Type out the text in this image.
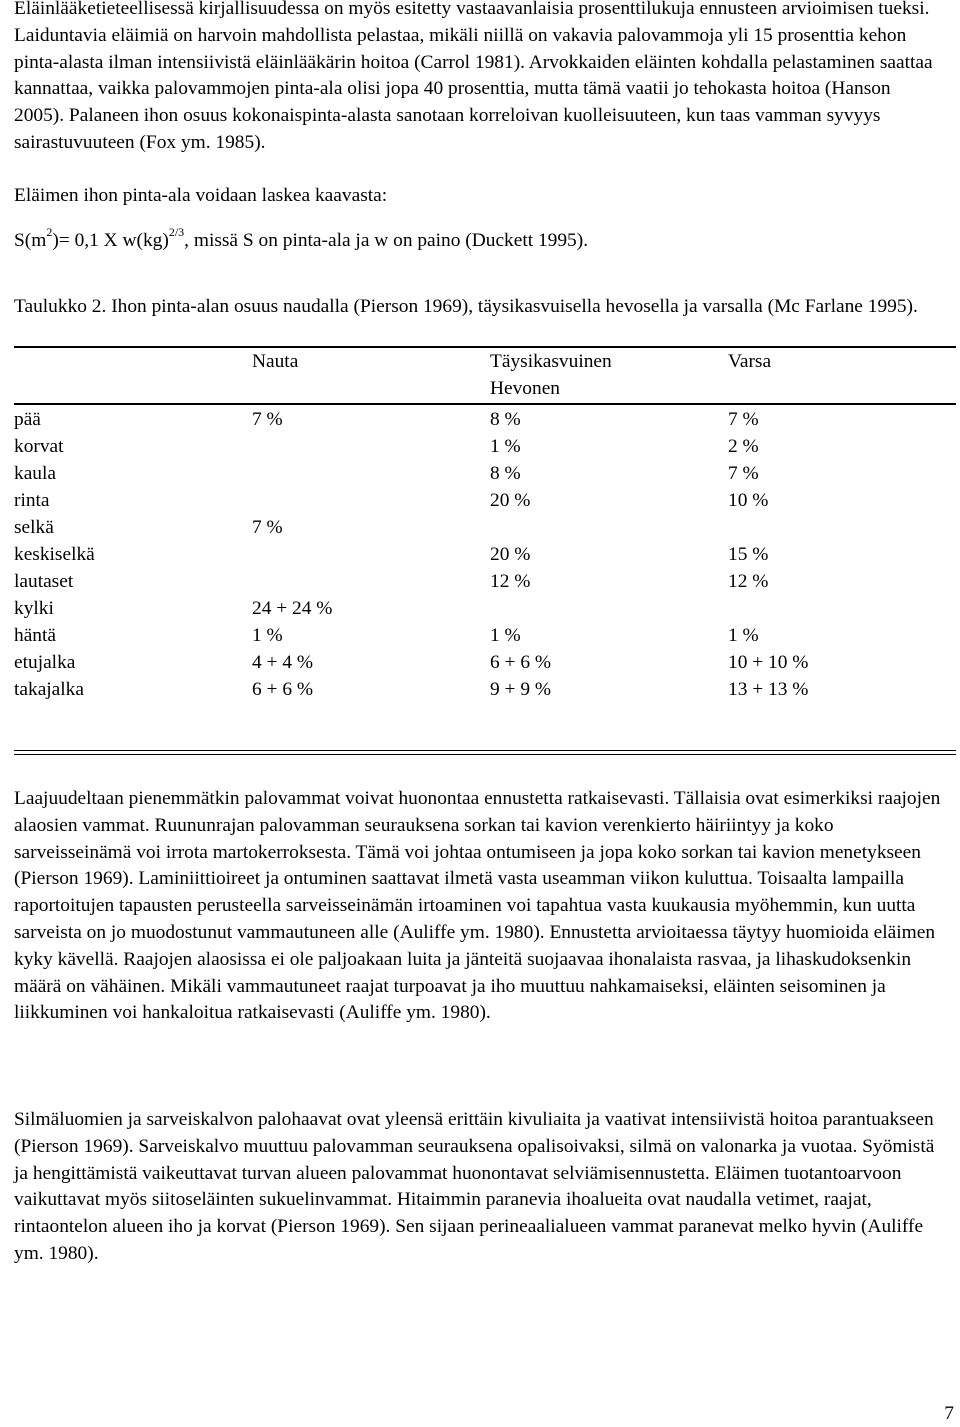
Eläinlääketieteellisessä kirjallisuudessa on myös esitetty vastaavanlaisia prosenttilukuja ennusteen arvioimisen tueksi. Laiduntavia eläimiä on harvoin mahdollista pelastaa, mikäli niillä on vakavia palovammoja yli 15 prosenttia kehon pinta-alasta ilman intensiivistä eläinlääkärin hoitoa (Carrol 1981). Arvokkaiden eläinten kohdalla pelastaminen saattaa kannattaa, vaikka palovammojen pinta-ala olisi jopa 40 prosenttia, mutta tämä vaatii jo tehokasta hoitoa (Hanson 2005). Palaneen ihon osuus kokonaispinta-alasta sanotaan korreloivan kuolleisuuteen, kun taas vamman syvyys sairastuvuuteen (Fox ym. 1985).

Eläimen ihon pinta-ala voidaan laskea kaavasta:

$S(m^2)= 0,1$ X w(kg)$^{2/3}$, missä S on pinta-ala ja w on paino (Duckett 1995).

Taulukko 2. Ihon pinta-alan osuus naudalla (Pierson 1969), täysikasvuisella hevosella ja varsalla (Mc Farlane 1995).

	Nauta	Täysikasvuinen Hevonen	Varsa
pää	7 %	8 %	7 %
korvat		1 %	2 %
kaula		8 %	7 %
rinta		20 %	10 %
selkä	7 %		
keskiselkä		20 %	15 %
lautaset		12 %	12 %
kylki	24 + 24 %		
häntä	1 %	1 %	1 %
etujalka	4 + 4 %	6 + 6 %	10 + 10 %
takajalka	6 + 6 %	9 + 9 %	13 + 13 %

Laajuudeltaan pienemmätkin palovammat voivat huonontaa ennustetta ratkaisevasti. Tällaisia ovat esimerkiksi raajojen alaosien vammat. Ruununrajan palovamman seurauksena sorkan tai kavion verenkierto häiriintyy ja koko sarveisseinämä voi irrota martokerroksesta. Tämä voi johtaa ontumiseen ja jopa koko sorkan tai kavion menetykseen (Pierson 1969). Laminiittioireet ja ontuminen saattavat ilmetä vasta useamman viikon kuluttua. Toisaalta lampailla raportoitujen tapausten perusteella sarveisseinämän irtoaminen voi tapahtua vasta kuukausia myöhemmin, kun uutta sarveista on jo muodostunut vammautuneen alle (Auliffe ym. 1980). Ennustetta arvioitaessa täytyy huomioida eläimen kyky kävellä. Raajojen alaosissa ei ole paljoakaan luita ja jänteitä suojaavaa ihonalaista rasvaa, ja lihaskudoksenkin määrä on vähäinen. Mikäli vammautuneet raajat turpoavat ja iho muuttuu nahkamaiseksi, eläinten seisominen ja liikkuminen voi hankaloitua ratkaisevasti (Auliffe ym. 1980).

Silmäluomien ja sarveiskalvon palohaavat ovat yleensä erittäin kivuliaita ja vaativat intensiivistä hoitoa parantuakseen (Pierson 1969). Sarveiskalvo muuttuu palovamman seurauksena opalisoivaksi, silmä on valonarka ja vuotaa. Syömistä ja hengittämistä vaikeuttavat turvan alueen palovammat huonontavat selviämisennustetta. Eläimen tuotantoarvoon vaikuttavat myös siitoseläinten sukuelinvammat. Hitaimmin paranevia ihoalueita ovat naudalla vetimet, raajat, rintaontelon alueen iho ja korvat (Pierson 1969). Sen sijaan perineaalialueen vammat paranevat melko hyvin (Auliffe ym. 1980).

7
